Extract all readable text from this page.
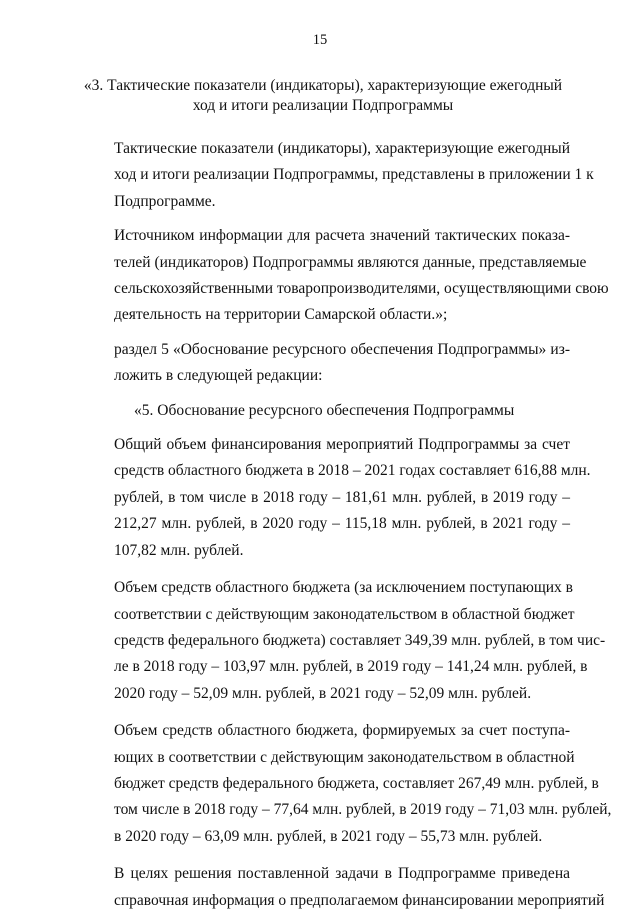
15
«3. Тактические показатели (индикаторы), характеризующие ежегодный
ход и итоги реализации Подпрограммы

Тактические показатели (индикаторы), характеризующие ежегодный
ход и итоги реализации Подпрограммы, представлены в приложении 1 к
Подпрограмме.

Источником информации для расчета значений тактических показа-
телей (индикаторов) Подпрограммы являются данные, представляемые
сельскохозяйственными товаропроизводителями, осуществляющими свою
деятельность на территории Самарской области.»;

раздел 5 «Обоснование ресурсного обеспечения Подпрограммы» из-
ложить в следующей редакции:

«5. Обоснование ресурсного обеспечения Подпрограммы

Общий объем финансирования мероприятий Подпрограммы за счет
средств областного бюджета в 2018 – 2021 годах составляет 616,88 млн.
рублей, в том числе в 2018 году – 181,61 млн. рублей, в 2019 году –
212,27 млн. рублей, в 2020 году – 115,18 млн. рублей, в 2021 году –
107,82 млн. рублей.

Объем средств областного бюджета (за исключением поступающих в
соответствии с действующим законодательством в областной бюджет
средств федерального бюджета) составляет 349,39 млн. рублей, в том чис-
ле в 2018 году – 103,97 млн. рублей, в 2019 году – 141,24 млн. рублей, в
2020 году – 52,09 млн. рублей, в 2021 году – 52,09 млн. рублей.

Объем средств областного бюджета, формируемых за счет поступа-
ющих в соответствии с действующим законодательством в областной
бюджет средств федерального бюджета, составляет 267,49 млн. рублей, в
том числе в 2018 году – 77,64 млн. рублей, в 2019 году – 71,03 млн. рублей,
в 2020 году – 63,09 млн. рублей, в 2021 году – 55,73 млн. рублей.

В целях решения поставленной задачи в Подпрограмме приведена
справочная информация о предполагаемом финансировании мероприятий
